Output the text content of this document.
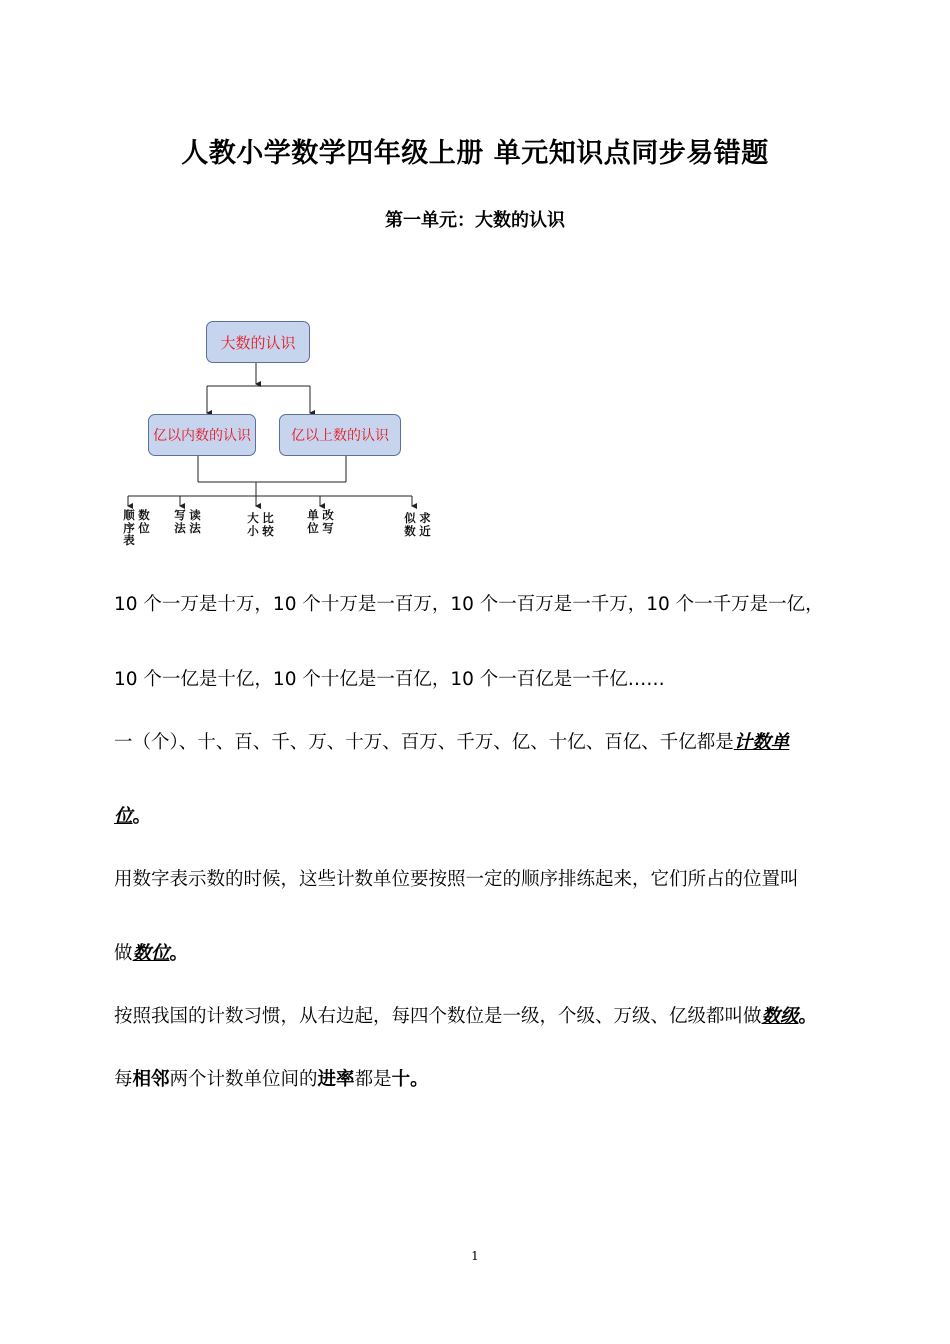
人教小学数学四年级上册 单元知识点同步易错题
第一单元：大数的认识
大数的认识
亿以内数的认识	亿以上数的认识
顺序表
数位
写法
读法
大小
比较
单位
改写
似数
求近
10 个一万是十万，10 个十万是一百万，10 个一百万是一千万，10 个一千万是一亿，
10 个一亿是十亿，10 个十亿是一百亿，10 个一百亿是一千亿……
一（个）、十、百、千、万、十万、百万、千万、亿、十亿、百亿、千亿都是计数单
位。
用数字表示数的时候，这些计数单位要按照一定的顺序排练起来，它们所占的位置叫
做数位。
按照我国的计数习惯，从右边起，每四个数位是一级，个级、万级、亿级都叫做数级。
每相邻两个计数单位间的进率都是十。
1
